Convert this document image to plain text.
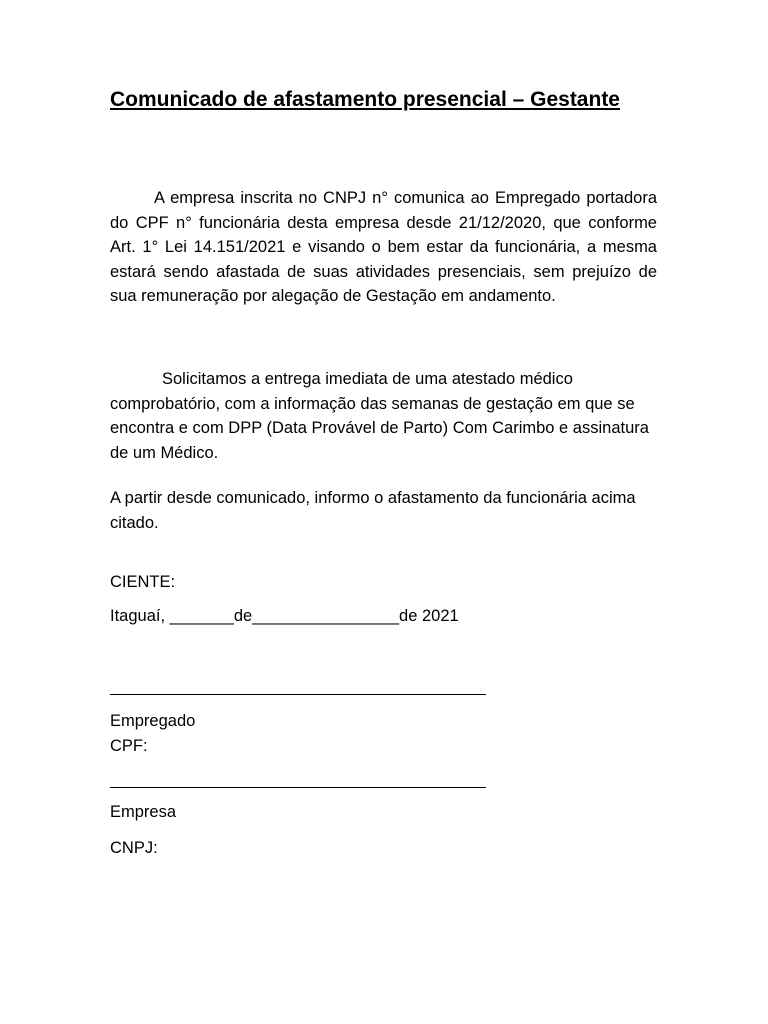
Comunicado de afastamento presencial – Gestante

A empresa inscrita no CNPJ n° comunica ao Empregado portadora do CPF n° funcionária desta empresa desde 21/12/2020, que conforme Art. 1° Lei 14.151/2021 e visando o bem estar da funcionária, a mesma estará sendo afastada de suas atividades presenciais, sem prejuízo de sua remuneração por alegação de Gestação em andamento.

Solicitamos a entrega imediata de uma atestado médico comprobatório, com a informação das semanas de gestação em que se encontra e com DPP (Data Provável de Parto) Com Carimbo e assinatura de um Médico.

A partir desde comunicado, informo o afastamento da funcionária acima citado.

CIENTE:

Itaguaí, _______de________________de 2021

Empregado

CPF:

Empresa

CNPJ:
